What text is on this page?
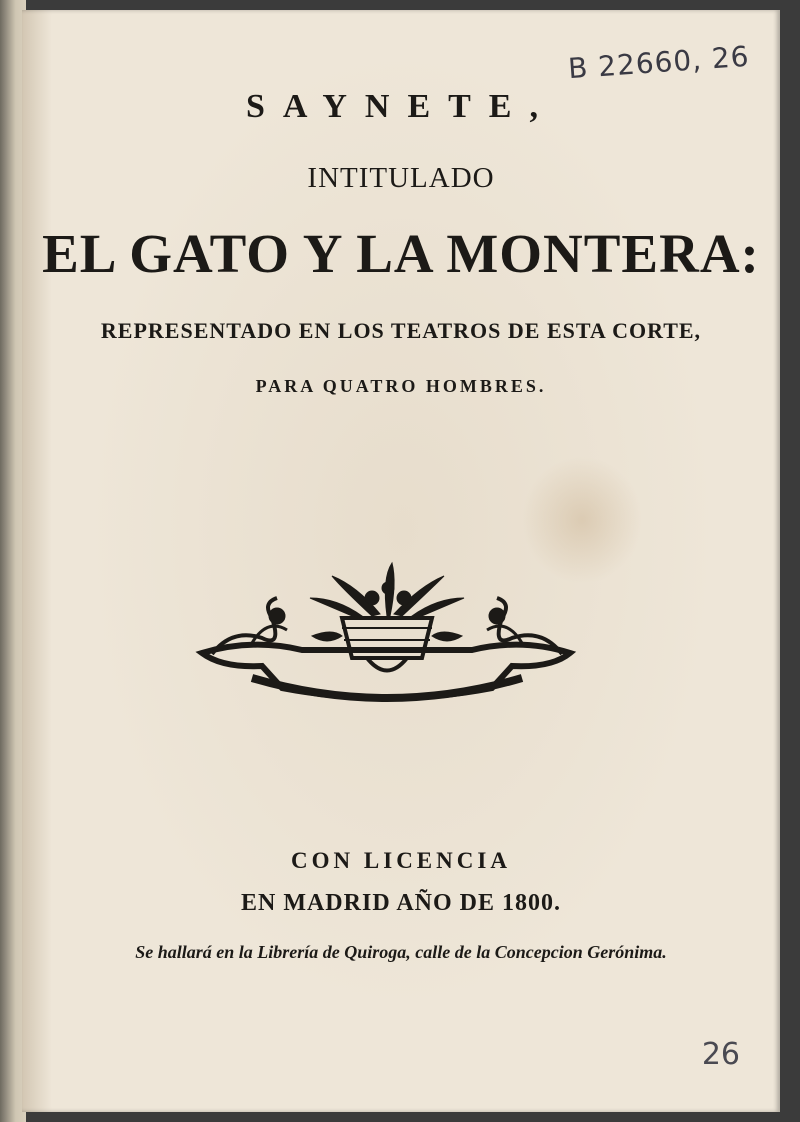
SAYNETE,
INTITULADO
EL GATO Y LA MONTERA:
REPRESENTADO EN LOS TEATROS DE ESTA CORTE,
PARA QUATRO HOMBRES.
CON LICENCIA
EN MADRID AÑO DE 1800.
Se hallará en la Librería de Quiroga, calle de la Concepcion Gerónima.
B 22660, 26
26
